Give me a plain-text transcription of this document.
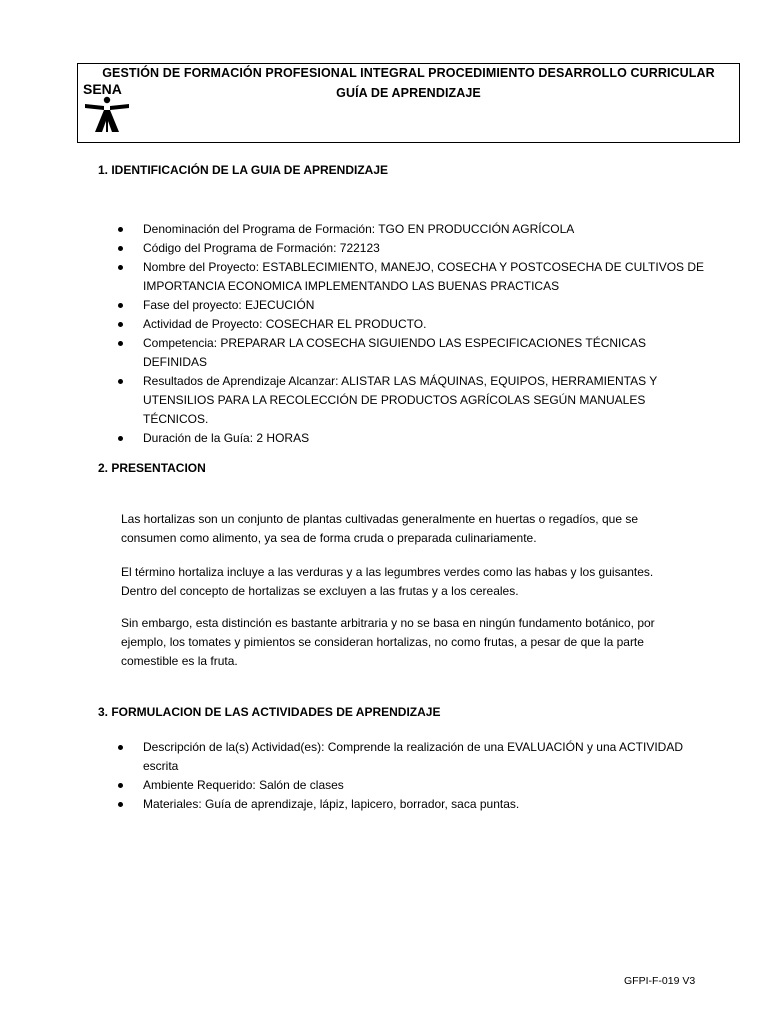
SENA
GESTIÓN DE FORMACIÓN PROFESIONAL INTEGRAL PROCEDIMIENTO DESARROLLO CURRICULAR
GUÍA DE APRENDIZAJE
1. IDENTIFICACIÓN DE LA GUIA DE APRENDIZAJE
Denominación del Programa de Formación: TGO EN PRODUCCIÓN AGRÍCOLA
Código del Programa de Formación: 722123
Nombre del Proyecto: ESTABLECIMIENTO, MANEJO, COSECHA Y POSTCOSECHA DE CULTIVOS DE IMPORTANCIA ECONOMICA IMPLEMENTANDO LAS BUENAS PRACTICAS
Fase del proyecto: EJECUCIÓN
Actividad de Proyecto: COSECHAR EL PRODUCTO.
Competencia: PREPARAR LA COSECHA SIGUIENDO LAS ESPECIFICACIONES TÉCNICAS DEFINIDAS
Resultados de Aprendizaje Alcanzar: ALISTAR LAS MÁQUINAS, EQUIPOS, HERRAMIENTAS Y UTENSILIOS PARA LA RECOLECCIÓN DE PRODUCTOS AGRÍCOLAS SEGÚN MANUALES TÉCNICOS.
Duración de la Guía: 2 HORAS
2. PRESENTACION

Las hortalizas son un conjunto de plantas cultivadas generalmente en huertas o regadíos, que se consumen como alimento, ya sea de forma cruda o preparada culinariamente.

El término hortaliza incluye a las verduras y a las legumbres verdes como las habas y los guisantes. Dentro del concepto de hortalizas se excluyen a las frutas y a los cereales.

Sin embargo, esta distinción es bastante arbitraria y no se basa en ningún fundamento botánico, por ejemplo, los tomates y pimientos se consideran hortalizas, no como frutas, a pesar de que la parte comestible es la fruta.

3. FORMULACION DE LAS ACTIVIDADES DE APRENDIZAJE
Descripción de la(s) Actividad(es): Comprende la realización de una EVALUACIÓN y una ACTIVIDAD escrita
Ambiente Requerido: Salón de clases
Materiales: Guía de aprendizaje, lápiz, lapicero, borrador, saca puntas.
GFPI-F-019 V3
